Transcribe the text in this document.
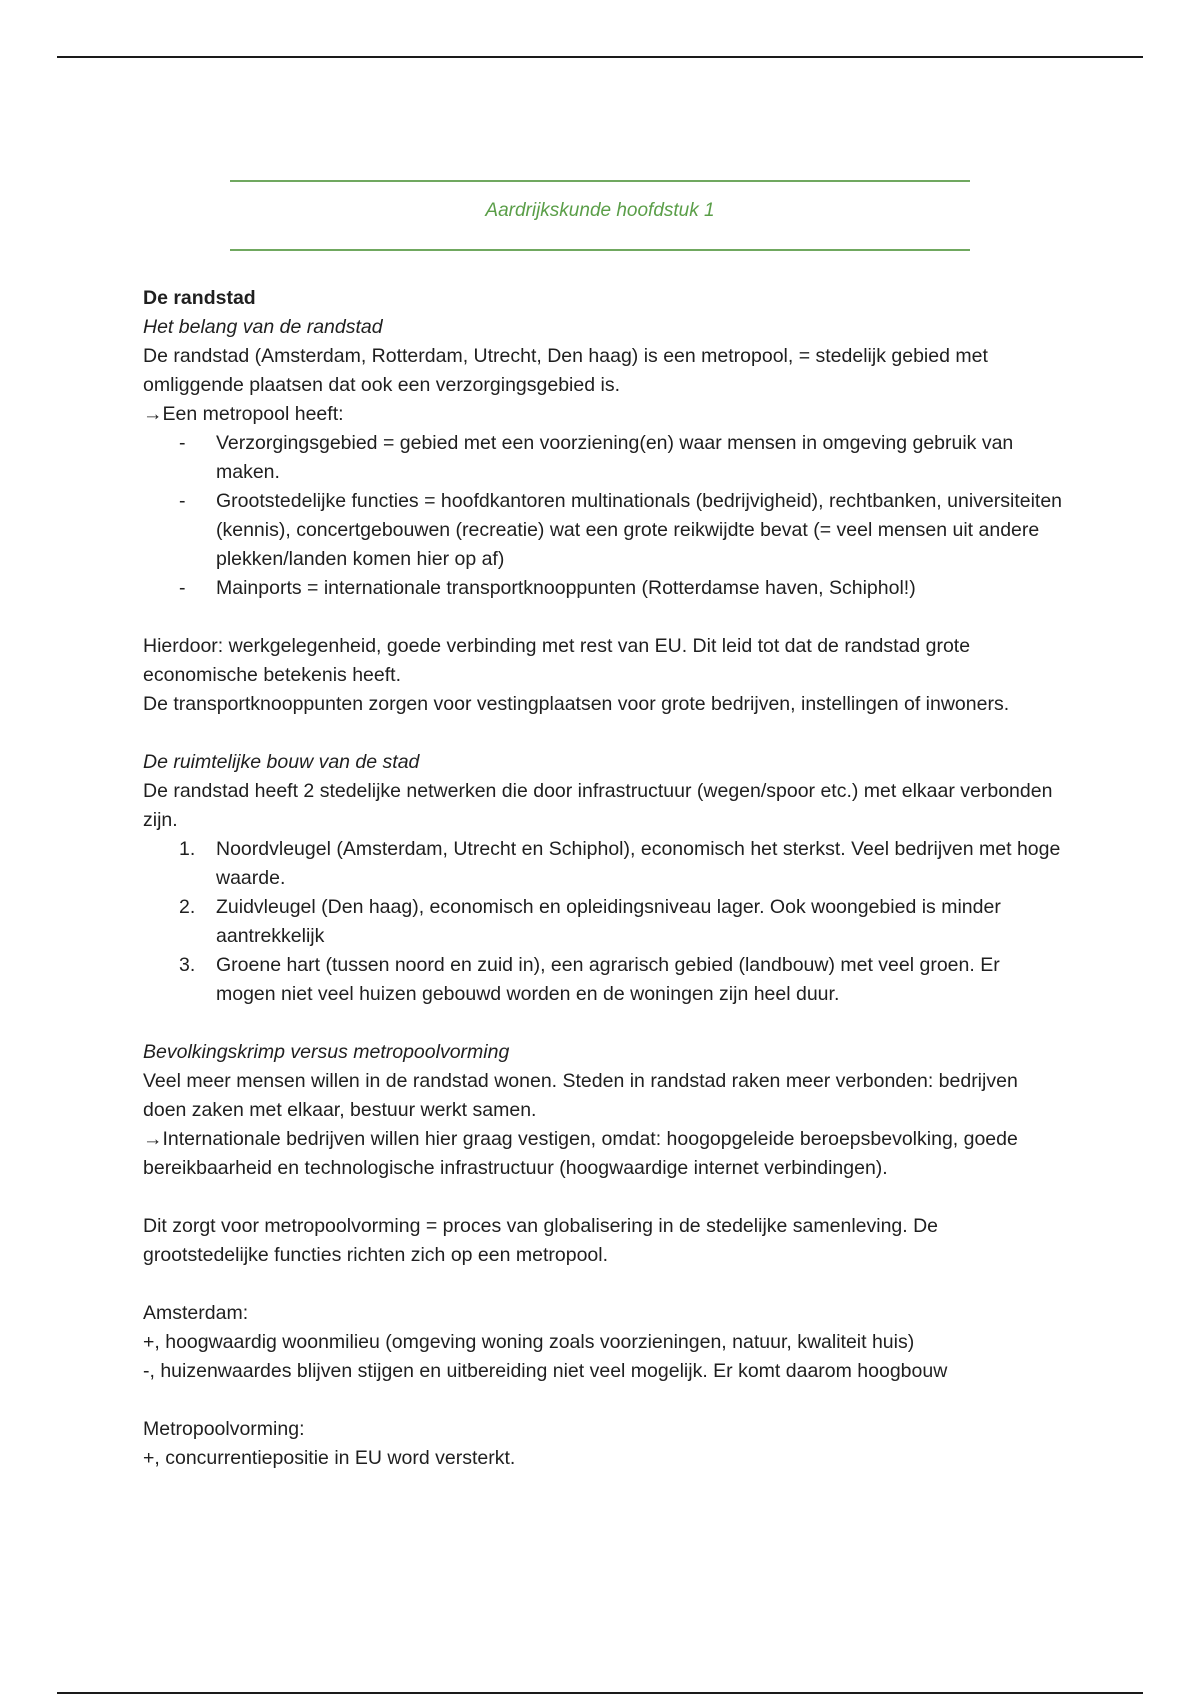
Aardrijkskunde hoofdstuk 1
De randstad
Het belang van de randstad

De randstad (Amsterdam, Rotterdam, Utrecht, Den haag) is een metropool, = stedelijk gebied met omliggende plaatsen dat ook een verzorgingsgebied is.

→Een metropool heeft:

- Verzorgingsgebied = gebied met een voorziening(en) waar mensen in omgeving gebruik van maken.
- Grootstedelijke functies = hoofdkantoren multinationals (bedrijvigheid), rechtbanken, universiteiten (kennis), concertgebouwen (recreatie) wat een grote reikwijdte bevat (= veel mensen uit andere plekken/landen komen hier op af)
- Mainports = internationale transportknooppunten (Rotterdamse haven, Schiphol!)

Hierdoor: werkgelegenheid, goede verbinding met rest van EU. Dit leid tot dat de randstad grote economische betekenis heeft.

De transportknooppunten zorgen voor vestingplaatsen voor grote bedrijven, instellingen of inwoners.

De ruimtelijke bouw van de stad

De randstad heeft 2 stedelijke netwerken die door infrastructuur (wegen/spoor etc.) met elkaar verbonden zijn.

1. Noordvleugel (Amsterdam, Utrecht en Schiphol), economisch het sterkst. Veel bedrijven met hoge waarde.
2. Zuidvleugel (Den haag), economisch en opleidingsniveau lager. Ook woongebied is minder aantrekkelijk
3. Groene hart (tussen noord en zuid in), een agrarisch gebied (landbouw) met veel groen. Er mogen niet veel huizen gebouwd worden en de woningen zijn heel duur.
Bevolkingskrimp versus metropoolvorming

Veel meer mensen willen in de randstad wonen. Steden in randstad raken meer verbonden: bedrijven doen zaken met elkaar, bestuur werkt samen.

→Internationale bedrijven willen hier graag vestigen, omdat: hoogopgeleide beroepsbevolking, goede bereikbaarheid en technologische infrastructuur (hoogwaardige internet verbindingen).

Dit zorgt voor metropoolvorming = proces van globalisering in de stedelijke samenleving. De grootstedelijke functies richten zich op een metropool.

Amsterdam:

+, hoogwaardig woonmilieu (omgeving woning zoals voorzieningen, natuur, kwaliteit huis)

-, huizenwaardes blijven stijgen en uitbereiding niet veel mogelijk. Er komt daarom hoogbouw

Metropoolvorming:

+, concurrentiepositie in EU word versterkt.
